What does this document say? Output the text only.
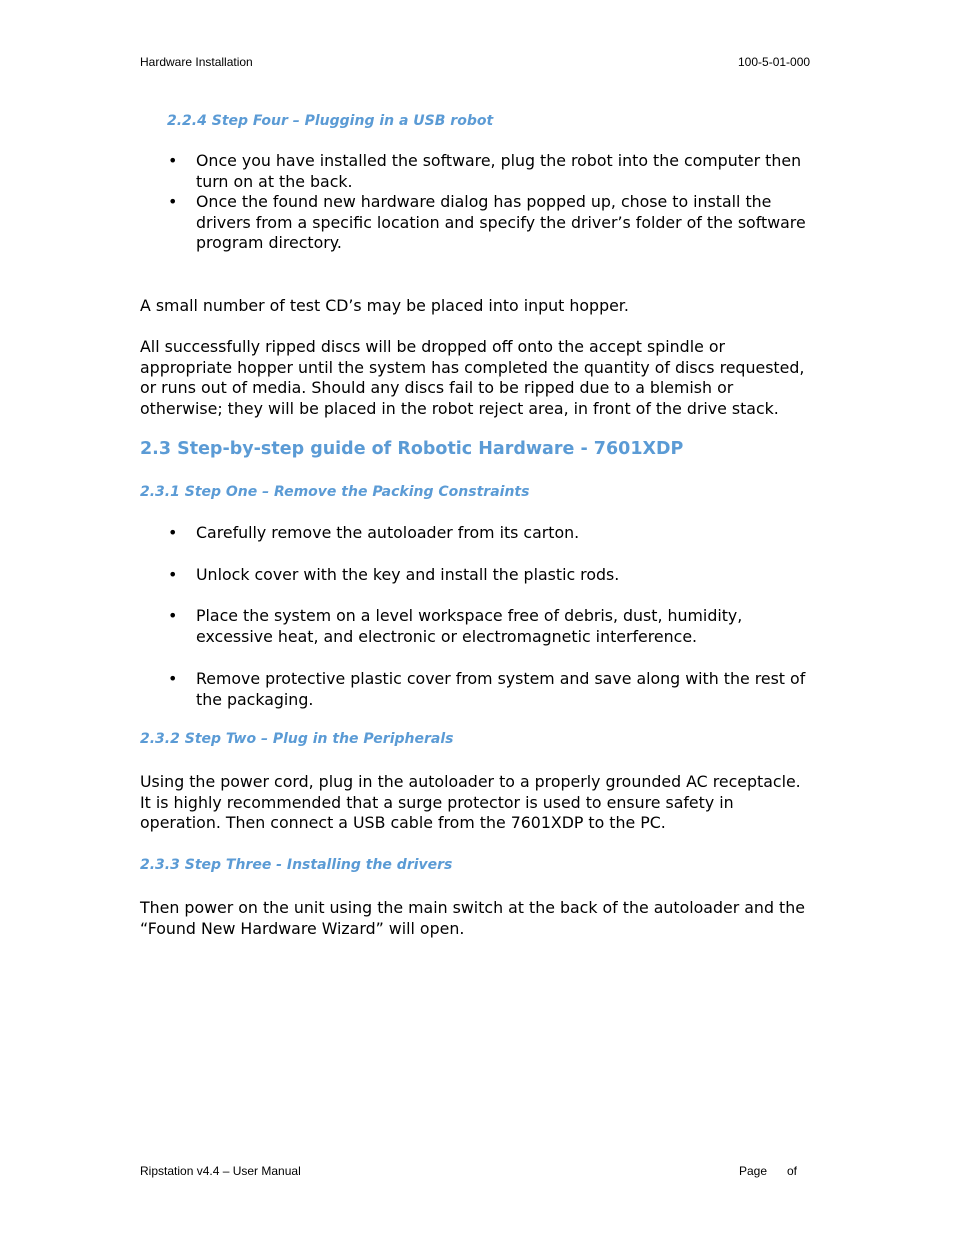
Hardware Installation	100-5-01-000
2.2.4 Step Four – Plugging in a USB robot
• Once you have installed the software, plug the robot into the computer then turn on at the back.
• Once the found new hardware dialog has popped up, chose to install the drivers from a specific location and specify the driver’s folder of the software program directory.

A small number of test CD’s may be placed into input hopper.

All successfully ripped discs will be dropped off onto the accept spindle or appropriate hopper until the system has completed the quantity of discs requested, or runs out of media. Should any discs fail to be ripped due to a blemish or otherwise; they will be placed in the robot reject area, in front of the drive stack.

2.3 Step-by-step guide of Robotic Hardware - 7601XDP
2.3.1 Step One – Remove the Packing Constraints
• Carefully remove the autoloader from its carton.
• Unlock cover with the key and install the plastic rods.
• Place the system on a level workspace free of debris, dust, humidity, excessive heat, and electronic or electromagnetic interference.
• Remove protective plastic cover from system and save along with the rest of the packaging.
2.3.2 Step Two – Plug in the Peripherals

Using the power cord, plug in the autoloader to a properly grounded AC receptacle. It is highly recommended that a surge protector is used to ensure safety in operation. Then connect a USB cable from the 7601XDP to the PC.

2.3.3 Step Three - Installing the drivers

Then power on the unit using the main switch at the back of the autoloader and the “Found New Hardware Wizard” will open.

Ripstation v4.4 – User Manual	Page of
